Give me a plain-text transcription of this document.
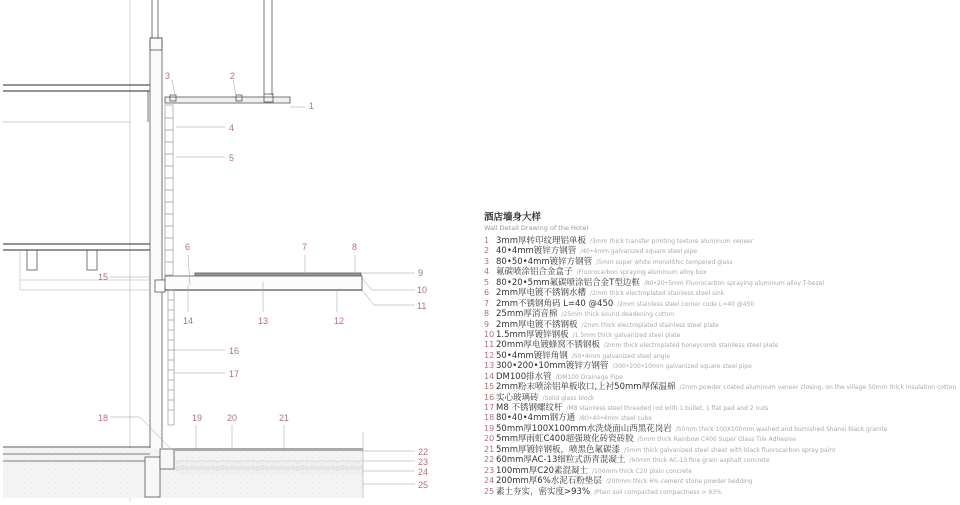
1
2
3
4
5
6	7	8
9
10
11
12
13
14
15
16
17
18	19	20	21
22
23
24
25
酒店墙身大样
Wall Detail Drawing of the Hotel
1 3mm厚转印纹理铝单板 /3mm thick transfer printing texture aluminum veneer
2 40•4mm镀锌方钢管 /40•4mm galvanized square steel pipe
3 80•50•4mm镀锌方钢管 /5mm super white monolithic tempered glass
4 氟碳喷涂铝合金盒子 /Fluorocarbon spraying aluminum alloy box
5 80•20•5mm氟碳喷涂铝合金T型边框 /80•20•5mm Fluorocarbon spraying aluminum alloy T-bezel
6 2mm厚电镀不锈钢水槽 /2mm thick electroplated stainless steel sink
7 2mm不锈钢角码 L=40 @450 /2mm stainless steel corner code L=40 @450
8 25mm厚消音棉 /25mm thick sound deadening cotton
9 2mm厚电镀不锈钢板 /2mm thick electroplated stainless steel plate
10 1.5mm厚镀锌钢板 /1.5mm thick galvanized steel plate
11 20mm厚电镀蜂窝不锈钢板 /2mm thick electroplated honeycomb stainless steel plate
12 50•4mm镀锌角钢 /50•4mm galvanized steel angle
13 300•200•10mm镀锌方钢管 /300•200•10mm galvanized square steel pipe
14 DM100排水管 /DM100 Drainage Pipe
15 2mm粉末喷涂铝单板收口,上衬50mm厚保温棉 /2mm powder coated aluminum veneer closing, on the village 50mm thick insulation cotton
16 实心玻璃砖 /Solid glass block
17 M8 不锈钢螺纹杆 /M8 stainless steel threaded rod with 1 bullet, 1 flat pad and 2 nuts
18 80•40•4mm钢方通 /80•40•4mm steel cube
19 50mm厚100X100mm水洗烧面山西黑花岗岩 /50mm thick 100X100mm washed and burnished Shanxi black granite
20 5mm厚雨虹C400超强玻化砖瓷砖胶 /5mm thick Rainbow C400 Super Glass Tile Adhesive
21 5mm厚镀锌钢板，喷黑色氟碳漆 /5mm thick galvanized steel sheet with black fluorocarbon spray paint
22 60mm厚AC-13细粒式沥青混凝土 /60mm thick AC-13 fine grain asphalt concrete
23 100mm厚C20素混凝土 /100mm thick C20 plain concrete
24 200mm厚6%水泥石粉垫层 /200mm thick 6% cement stone powder bedding
25 素土夯实，密实度>93% /Plain soil compacted compactness > 93%
